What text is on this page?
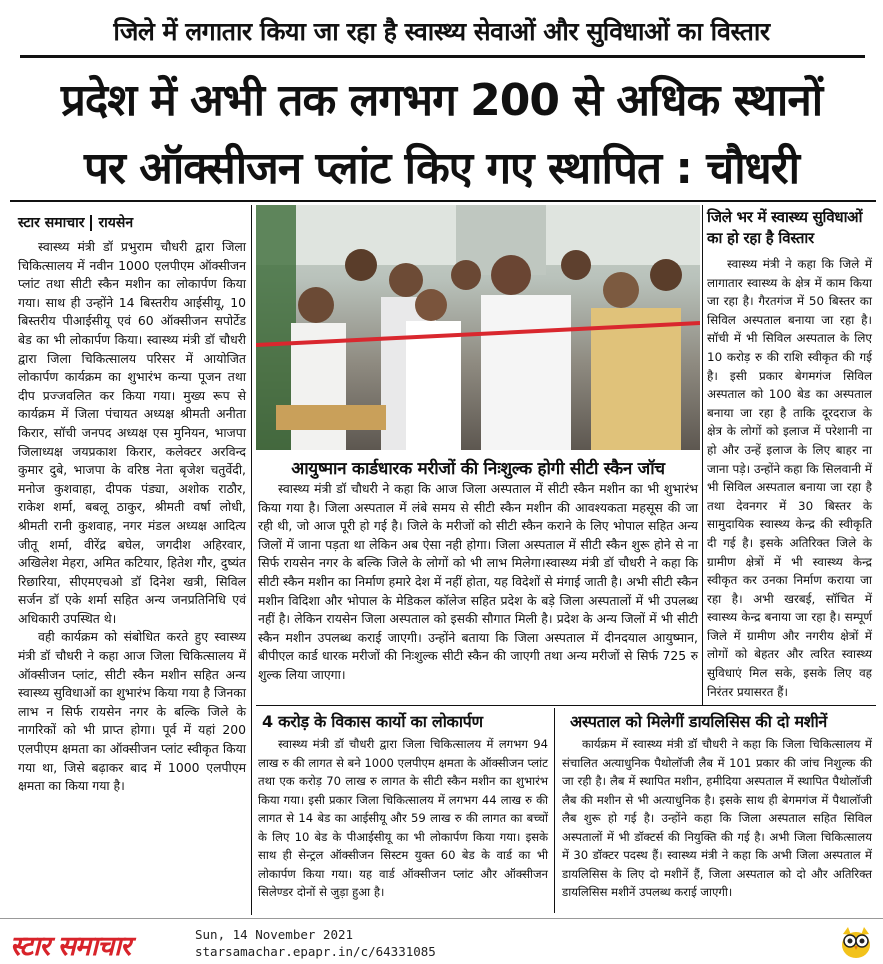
जिले में लगातार किया जा रहा है स्वास्थ्य सेवाओं और सुविधाओं का विस्तार
प्रदेश में अभी तक लगभग 200 से अधिक स्थानों
पर ऑक्सीजन प्लांट किए गए स्थापित : चौधरी
स्टार समाचार रायसेन

स्वास्थ्य मंत्री डॉ प्रभुराम चौधरी द्वारा जिला चिकित्सालय में नवीन 1000 एलपीएम ऑक्सीजन प्लांट तथा सीटी स्कैन मशीन का लोकार्पण किया गया। साथ ही उन्होंने 14 बिस्तरीय आईसीयू, 10 बिस्तरीय पीआईसीयू एवं 60 ऑक्सीजन सपोर्टेड बेड का भी लोकार्पण किया। स्वास्थ्य मंत्री डॉ चौधरी द्वारा जिला चिकित्सालय परिसर में आयोजित लोकार्पण कार्यक्रम का शुभारंभ कन्या पूजन तथा दीप प्रज्जवलित कर किया गया। मुख्य रूप से कार्यक्रम में जिला पंचायत अध्यक्ष श्रीमती अनीता किरार, सॉची जनपद अध्यक्ष एस मुनियन, भाजपा जिलाध्यक्ष जयप्रकाश किरार, कलेक्टर अरविन्द कुमार दुबे, भाजपा के वरिष्ठ नेता बृजेश चतुर्वेदी, मनोज कुशवाहा, दीपक पंड्या, अशोक राठौर, राकेश शर्मा, बबलू ठाकुर, श्रीमती वर्षा लोधी, श्रीमती रानी कुशवाह, नगर मंडल अध्यक्ष आदित्य जीतू शर्मा, वीरेंद्र बघेल, जगदीश अहिरवार, अखिलेश मेहरा, अमित कटियार, हितेश गौर, दुष्यंत रिछारिया, सीएमएचओ डॉ दिनेश खत्री, सिविल सर्जन डॉ एके शर्मा सहित अन्य जनप्रतिनिधि एवं अधिकारी उपस्थित थे।

वही कार्यक्रम को संबोधित करते हुए स्वास्थ्य मंत्री डॉ चौधरी ने कहा आज जिला चिकित्सालय में ऑक्सीजन प्लांट, सीटी स्कैन मशीन सहित अन्य स्वास्थ्य सुविधाओं का शुभारंभ किया गया है जिनका लाभ न सिर्फ रायसेन नगर के बल्कि जिले के नागरिकों को भी प्राप्त होगा। पूर्व में यहां 200 एलपीएम क्षमता का ऑक्सीजन प्लांट स्वीकृत किया गया था, जिसे बढ़ाकर बाद में 1000 एलपीएम क्षमता का किया गया है।

आयुष्मान कार्डधारक मरीजों की निःशुल्क होगी सीटी स्कैन जॉच

स्वास्थ्य मंत्री डॉ चौधरी ने कहा कि आज जिला अस्पताल में सीटी स्कैन मशीन का भी शुभारंभ किया गया है। जिला अस्पताल में लंबे समय से सीटी स्कैन मशीन की आवश्यकता महसूस की जा रही थी, जो आज पूरी हो गई है। जिले के मरीजों को सीटी स्कैन कराने के लिए भोपाल सहित अन्य जिलों में जाना पड़ता था लेकिन अब ऐसा नही होगा। जिला अस्पताल में सीटी स्कैन शुरू होने से ना सिर्फ रायसेन नगर के बल्कि जिले के लोगों को भी लाभ मिलेगा।स्वास्थ्य मंत्री डॉ चौधरी ने कहा कि सीटी स्कैन मशीन का निर्माण हमारे देश में नहीं होता, यह विदेशों से मंगाई जाती है। अभी सीटी स्कैन मशीन विदिशा और भोपाल के मेडिकल कॉलेज सहित प्रदेश के बड़े जिला अस्पतालों में भी उपलब्ध नहीं है। लेकिन रायसेन जिला अस्पताल को इसकी सौगात मिली है। प्रदेश के अन्य जिलों में भी सीटी स्कैन मशीन उपलब्ध कराई जाएगी। उन्होंने बताया कि जिला अस्पताल में दीनदयाल आयुष्मान, बीपीएल कार्ड धारक मरीजों की निःशुल्क सीटी स्कैन की जाएगी तथा अन्य मरीजों से सिर्फ 725 रु शुल्क लिया जाएगा।

जिले भर में स्वास्थ्य सुविधाओं
का हो रहा है विस्तार

स्वास्थ्य मंत्री ने कहा कि जिले में लागातार स्वास्थ्य के क्षेत्र में काम किया जा रहा है। गैरतगंज में 50 बिस्तर का सिविल अस्पताल बनाया जा रहा है। सॉची में भी सिविल अस्पताल के लिए 10 करोड़ रु की राशि स्वीकृत की गई है। इसी प्रकार बेगमगंज सिविल अस्पताल को 100 बेड का अस्पताल बनाया जा रहा है ताकि दूरदराज के क्षेत्र के लोगों को इलाज में परेशानी ना हो और उन्हें इलाज के लिए बाहर ना जाना पड़े। उन्होंने कहा कि सिलवानी में भी सिविल अस्पताल बनाया जा रहा है तथा देवनगर में 30 बिस्तर के सामुदायिक स्वास्थ्य केन्द्र की स्वीकृति दी गई है। इसके अतिरिक्त जिले के ग्रामीण क्षेत्रों में भी स्वास्थ्य केन्द्र स्वीकृत कर उनका निर्माण कराया जा रहा है। अभी खरबई, सॉचित में स्वास्थ्य केन्द्र बनाया जा रहा है। सम्पूर्ण जिले में ग्रामीण और नगरीय क्षेत्रों में लोगों को बेहतर और त्वरित स्वास्थ्य सुविधाएं मिल सके, इसके लिए वह निरंतर प्रयासरत हैं।

4 करोड़ के विकास कार्यो का लोकार्पण

स्वास्थ्य मंत्री डॉ चौधरी द्वारा जिला चिकित्सालय में लगभग 94 लाख रु की लागत से बने 1000 एलपीएम क्षमता के ऑक्सीजन प्लांट तथा एक करोड़ 70 लाख रु लागत के सीटी स्कैन मशीन का शुभारंभ किया गया। इसी प्रकार जिला चिकित्सालय में लगभग 44 लाख रु की लागत से 14 बेड का आईसीयू और 59 लाख रु की लागत का बच्चों के लिए 10 बेड के पीआईसीयू का भी लोकार्पण किया गया। इसके साथ ही सेन्ट्रल ऑक्सीजन सिस्टम युक्त 60 बेड के वार्ड का भी लोकार्पण किया गया। यह वार्ड ऑक्सीजन प्लांट और ऑक्सीजन सिलेण्डर दोनों से जुड़ा हुआ है।

अस्पताल को मिलेगीं डायलिसिस की दो मशीनें

कार्यक्रम में स्वास्थ्य मंत्री डॉ चौधरी ने कहा कि जिला चिकित्सालय में संचालित अत्याधुनिक पैथोलॉजी लैब में 101 प्रकार की जांच निशुल्क की जा रही है। लैब में स्थापित मशीन, हमीदिया अस्पताल में स्थापित पैथोलॉजी लैब की मशीन से भी अत्याधुनिक है। इसके साथ ही बेगमगंज में पैथालॉजी लैब शुरू हो गई है। उन्होंने कहा कि जिला अस्पताल सहित सिविल अस्पतालों में भी डॉक्टर्स की नियुक्ति की गई है। अभी जिला चिकित्सालय में 30 डॉक्टर पदस्थ हैं। स्वास्थ्य मंत्री ने कहा कि अभी जिला अस्पताल में डायलिसिस के लिए दो मशीनें हैं, जिला अस्पताल को दो और अतिरिक्त डायलिसिस मशीनें उपलब्ध कराई जाएगी।

स्टार समाचार	Sun, 14 November 2021
starsamachar.epapr.in/c/64331085
